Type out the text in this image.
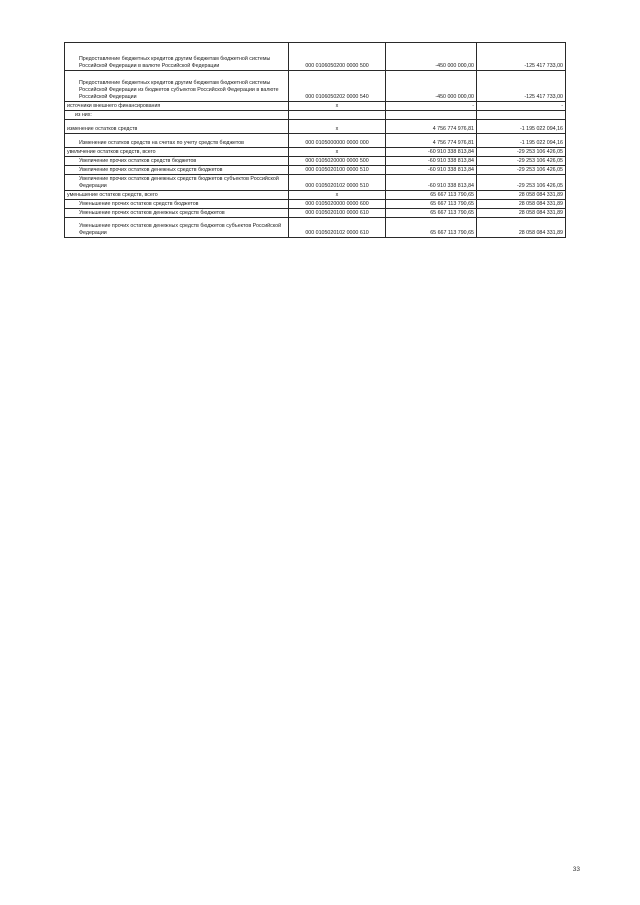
Предоставление бюджетных кредитов другим бюджетам бюджетной системы Российской Федерации в валюте Российской Федерации	000 0106050200 0000 500	-450 000 000,00	-125 417 733,00
Предоставление бюджетных кредитов другим бюджетам бюджетной системы Российской Федерации из бюджетов субъектов Российской Федерации в валюте Российской Федерации	000 0106050202 0000 540	-450 000 000,00	-125 417 733,00
источники внешнего финансирования	x	-	-
из них:			
изменение остатков средств	x	4 756 774 976,81	-1 195 022 094,16
Изменение остатков средств на счетах по учету средств бюджетов	000 0105000000 0000 000	4 756 774 976,81	-1 195 022 094,16
увеличение остатков средств, всего	x	-60 910 338 813,84	-29 253 106 426,05
Увеличение прочих остатков средств бюджетов	000 0105020000 0000 500	-60 910 338 813,84	-29 253 106 426,05
Увеличение прочих остатков денежных средств бюджетов	000 0105020100 0000 510	-60 910 338 813,84	-29 253 106 426,05
Увеличение прочих остатков денежных средств бюджетов субъектов Российской Федерации	000 0105020102 0000 510	-60 910 338 813,84	-29 253 106 426,05
уменьшение остатков средств, всего	x	65 667 113 790,65	28 058 084 331,89
Уменьшение прочих остатков средств бюджетов	000 0105020000 0000 600	65 667 113 790,65	28 058 084 331,89
Уменьшение прочих остатков денежных средств бюджетов	000 0105020100 0000 610	65 667 113 790,65	28 058 084 331,89
Уменьшение прочих остатков денежных средств бюджетов субъектов Российской Федерации	000 0105020102 0000 610	65 667 113 790,65	28 058 084 331,89
33
